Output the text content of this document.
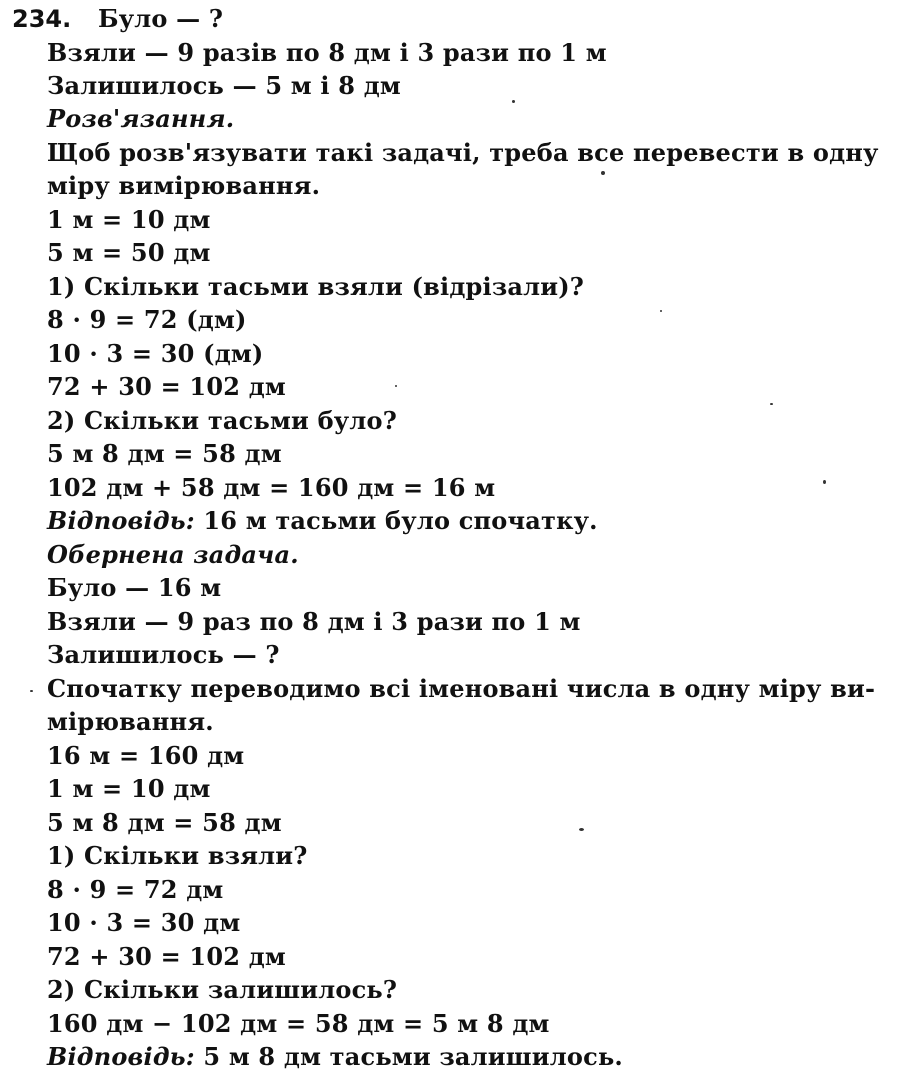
234. Було — ?
Взяли — 9 разів по 8 дм і 3 рази по 1 м
Залишилось — 5 м і 8 дм
Розв'язання.
Щоб розв'язувати такі задачі, треба все перевести в одну
міру вимірювання.
1 м = 10 дм
5 м = 50 дм
1) Скільки тасьми взяли (відрізали)?
8 · 9 = 72 (дм)
10 · 3 = 30 (дм)
72 + 30 = 102 дм
2) Скільки тасьми було?
5 м 8 дм = 58 дм
102 дм + 58 дм = 160 дм = 16 м
Відповідь: 16 м тасьми було спочатку.
Обернена задача.
Було — 16 м
Взяли — 9 раз по 8 дм і 3 рази по 1 м
Залишилось — ?
Спочатку переводимо всі іменовані числа в одну міру ви-
мірювання.
16 м = 160 дм
1 м = 10 дм
5 м 8 дм = 58 дм
1) Скільки взяли?
8 · 9 = 72 дм
10 · 3 = 30 дм
72 + 30 = 102 дм
2) Скільки залишилось?
160 дм − 102 дм = 58 дм = 5 м 8 дм
Відповідь: 5 м 8 дм тасьми залишилось.
